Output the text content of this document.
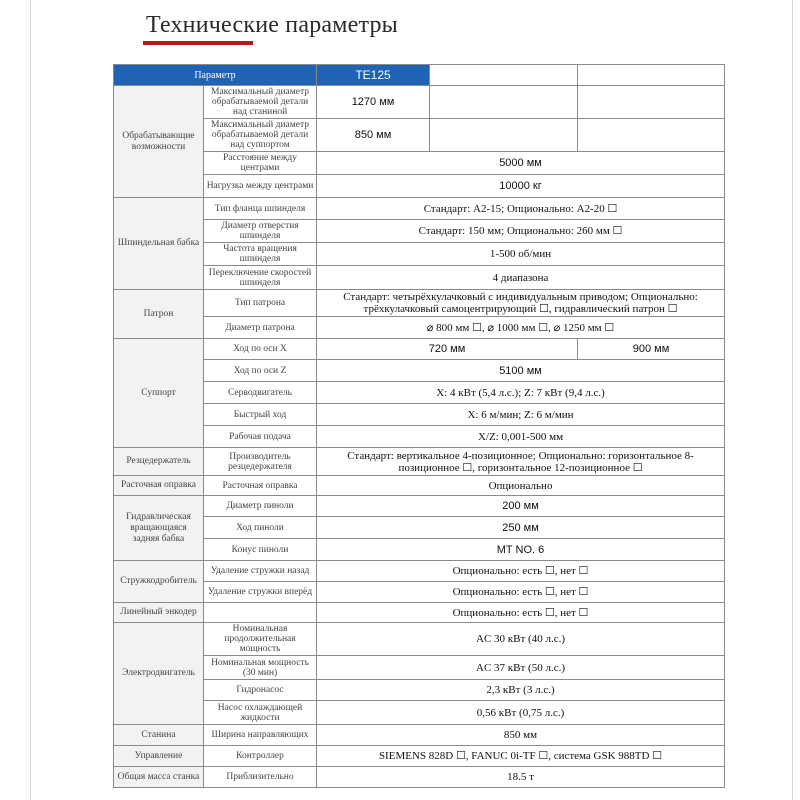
Технические параметры
Параметр		TE125		
Обрабатывающие возможности	Максимальный диаметр обрабатываемой детали над станиной	1270 мм		
	Максимальный диаметр обрабатываемой детали над суппортом	850 мм		
	Расстояние между центрами	5000 мм		
	Нагрузка между центрами	10000 кг		
Шпиндельная бабка	Тип фланца шпинделя	Стандарт: A2-15; Опционально: A2-20 ☐		
	Диаметр отверстия шпинделя	Стандарт: 150 мм; Опционально: 260 мм ☐		
	Частота вращения шпинделя	1-500 об/мин		
	Переключение скоростей шпинделя	4 диапазона		
Патрон	Тип патрона	Стандарт: четырёхкулачковый с индивидуальным приводом; Опционально: трёхкулачковый самоцентрирующий ☐, гидравлический патрон ☐		
	Диаметр патрона	⌀ 800 мм ☐, ⌀ 1000 мм ☐, ⌀ 1250 мм ☐		
Суппорт	Ход по оси X	720 мм		900 мм
	Ход по оси Z	5100 мм		
	Серводвигатель	X: 4 кВт (5,4 л.с.); Z: 7 кВт (9,4 л.с.)		
	Быстрый ход	X: 6 м/мин; Z: 6 м/мин		
	Рабочая подача	X/Z: 0,001-500 мм		
Резцедержатель	Производитель резцедержателя	Стандарт: вертикальное 4-позиционное; Опционально: горизонтальное 8-позиционное ☐, горизонтальное 12-позиционное ☐		
Расточная оправка	Расточная оправка	Опционально		
Гидравлическая вращающаяся задняя бабка	Диаметр пиноли	200 мм		
	Ход пиноли	250 мм		
	Конус пиноли	MT NO. 6		
Стружкодробитель	Удаление стружки назад	Опционально: есть ☐, нет ☐		
	Удаление стружки вперёд	Опционально: есть ☐, нет ☐		
Линейный энкодер		Опционально: есть ☐, нет ☐		
Электродвигатель	Номинальная продолжительная мощность	AC 30 кВт (40 л.с.)		
	Номинальная мощность (30 мин)	AC 37 кВт (50 л.с.)		
	Гидронасос	2,3 кВт (3 л.с.)		
	Насос охлаждающей жидкости	0,56 кВт (0,75 л.с.)		
Станина	Ширина направляющих	850 мм		
Управление	Контроллер	SIEMENS 828D ☐, FANUC 0i-TF ☐, система GSK 988TD ☐		
Общая масса станка	Приблизительно	18.5 т		
